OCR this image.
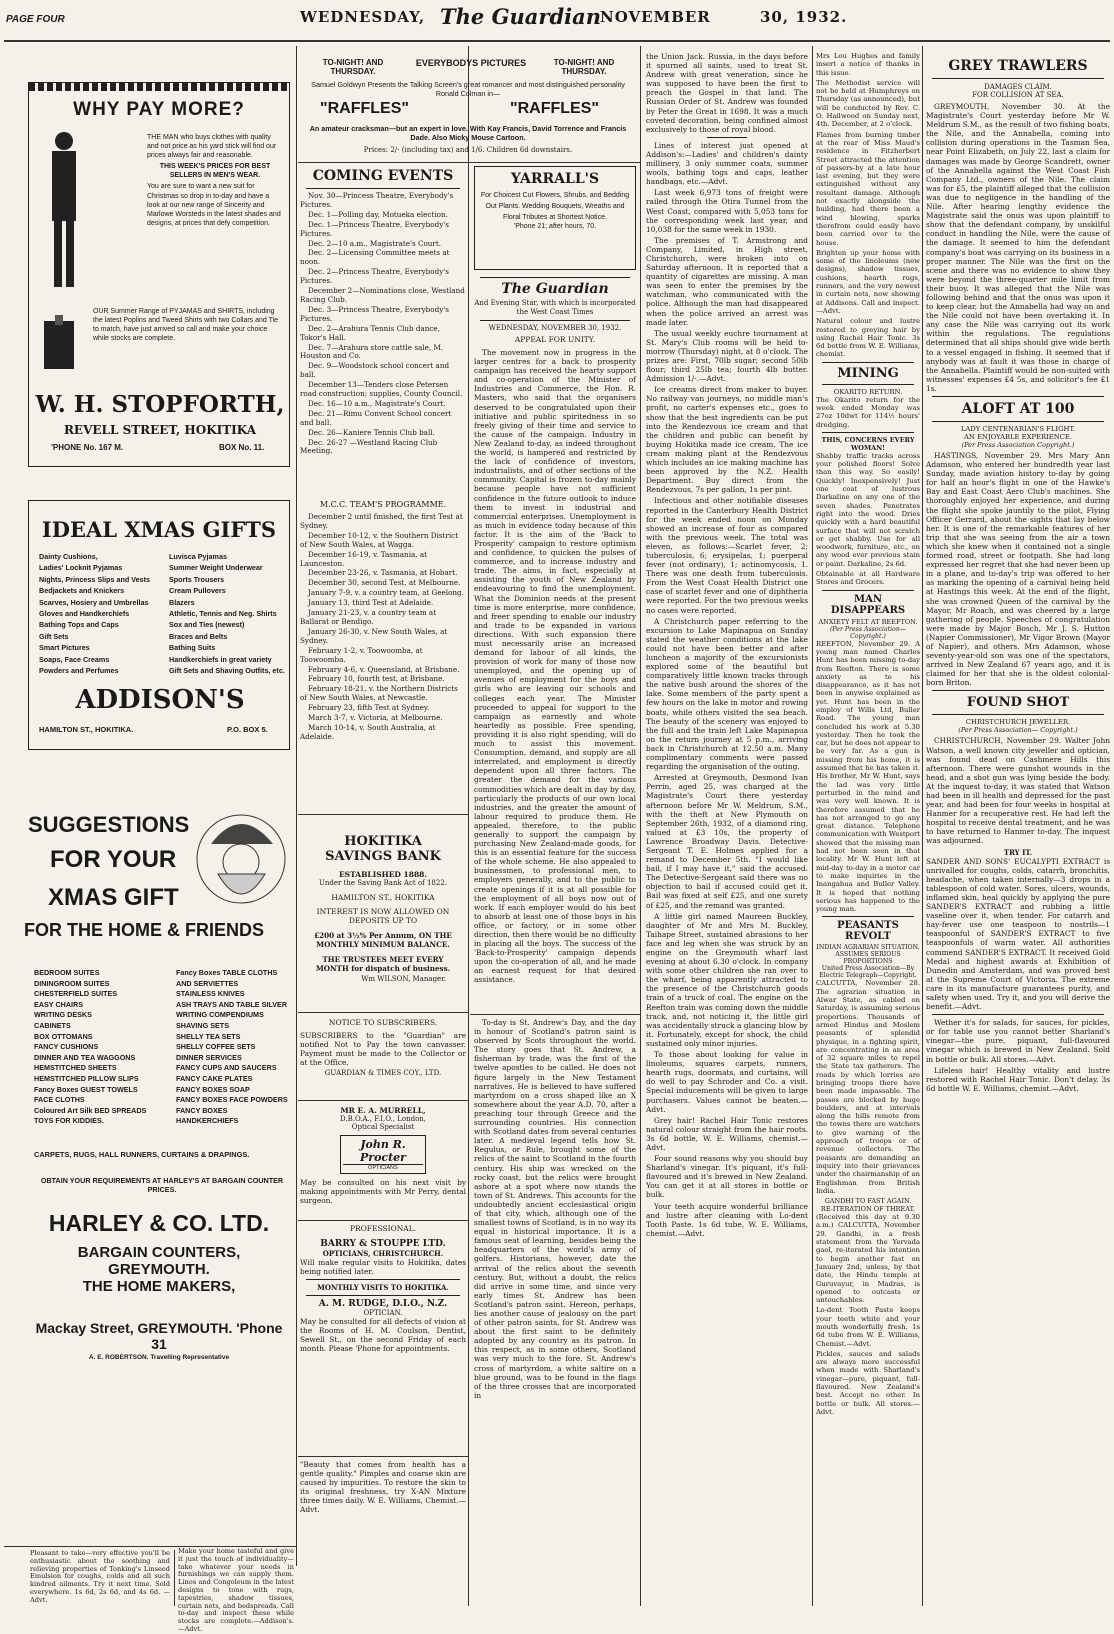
PAGE FOUR	WEDNESDAY, The Guardian NOVEMBER	30, 1932.
WHY PAY MORE?

THE MAN who buys clothes with quality and not price as his yard stick will find our prices always fair and reasonable.

THIS WEEK'S PRICES FOR BEST SELLERS IN MEN'S WEAR.

You are sure to want a new suit for Christmas so drop in to-day and have a look at our new range of Sincerity and Marlowe Worsteds in the latest shades and designs, at prices that defy competition.

OUR Summer Range of PYJAMAS and SHIRTS, including the latest Poplins and Tweed Shirts with two Collars and Tie to match, have just arrived so call and make your choice while stocks are complete.

W. H. STOPFORTH,
REVELL STREET, HOKITIKA
'PHONE No. 167 M.	BOX No. 11.
IDEAL XMAS GIFTS
Dainty Cushions,
Ladies' Locknit Pyjamas
Nights, Princess Slips and Vests
Bedjackets and Knickers
Scarves, Hosiery and Umbrellas
Gloves and Handkerchiefs
Bathing Tops and Caps
Gift Sets
Smart Pictures
Soaps, Face Creams
Powders and Perfumes
Luvisca Pyjamas
Summer Weight Underwear
Sports Trousers
Cream Pullovers
Blazers
Athletic, Tennis and Neg. Shirts
Sox and Ties (newest)
Braces and Belts
Bathing Suits
Handkerchiefs in great variety
Gift Sets and Shaving Outfits, etc.
ADDISON'S
HAMILTON ST., HOKITIKA.	P.O. BOX 5.
SUGGESTIONS
FOR YOUR
XMAS GIFT
FOR THE HOME & FRIENDS
BEDROOM SUITES
DININGROOM SUITES
CHESTERFIELD SUITES
EASY CHAIRS
WRITING DESKS
CABINETS
BOX OTTOMANS
FANCY CUSHIONS
DINNER AND TEA WAGGONS
HEMSTITCHED SHEETS
HEMSTITCHED PILLOW SLIPS
Fancy Boxes GUEST TOWELS
FACE CLOTHS
Coloured Art Silk BED SPREADS
TOYS FOR KIDDIES.
Fancy Boxes TABLE CLOTHS
AND SERVIETTES
STAINLESS KNIVES
ASH TRAYS AND TABLE SILVER
WRITING COMPENDIUMS
SHAVING SETS
SHELLY TEA SETS
SHELLY COFFEE SETS
DINNER SERVICES
FANCY CUPS AND SAUCERS
FANCY CAKE PLATES
FANCY BOXES SOAP
FANCY BOXES FACE POWDERS
FANCY BOXES HANDKERCHIEFS
CARPETS, RUGS, HALL RUNNERS, CURTAINS & DRAPINGS.
OBTAIN YOUR REQUIREMENTS AT HARLEY'S AT BARGAIN COUNTER PRICES.
HARLEY & CO. LTD.
BARGAIN COUNTERS, GREYMOUTH.
THE HOME MAKERS,
Mackay Street, GREYMOUTH. 'Phone 31
A. E. ROBERTSON. Travelling Representative

Pleasant to take—very effective you'll be enthusiastic about the soothing and relieving properties of Tonking's Linseed Emulsion for coughs, colds and all such kindred ailments. Try it next time. Sold everywhere. 1s 6d, 2s 6d, and 4s 6d. —Advt.

Make your home tasteful and give it just the touch of individuality—take whatever your needs in furnishings we can supply them. Linos and Congoleum in the latest designs to tone with rugs, tapestries, shadow tissues, curtain nets, and bedspreads. Call to-day and inspect these while stocks are complete.—Addison's.—Advt.

TO-NIGHT! AND THURSDAY.
EVERYBODYS PICTURES	TO-NIGHT! AND THURSDAY.

Samuel Goldwyn Presents the Talking Screen's great romancer and most distinguished personality Ronald Colman in—

"RAFFLES"	"RAFFLES"

An amateur cracksman—but an expert in love. With Kay Francis, David Torrence and Francis Dade. Also Micky Mouse Cartoon.

Prices: 2/- (including tax) and 1/6. Children 6d downstairs.
COMING EVENTS
Nov. 30—Princess Theatre, Everybody's Pictures.
Dec. 1—Polling day, Motueka election.
Dec. 1—Princess Theatre, Everybody's Pictures.
Dec. 2—10 a.m., Magistrate's Court.
Dec. 2—Licensing Committee meets at noon.
Dec. 2—Princess Theatre, Everybody's Pictures.
December 2—Nominations close, Westland Racing Club.
Dec. 3—Princess Theatre, Everybody's Pictures.
Dec. 2—Arahura Tennis Club dance, Tokor's Hall.
Dec. 7—Arahura store cattle sale, M. Houston and Co.
Dec. 9—Woodstock school concert and ball.
December 13—Tenders close Petersen road construction; supplies, County Council.
Dec. 16—10 a.m., Magistrate's Court.
Dec. 21—Rimu Convent School concert and ball.
Dec. 26—Kaniere Tennis Club ball.
Dec. 26-27 —Westland Racing Club Meeting.
M.C.C. TEAM'S PROGRAMME.
December 2 until finished, the first Test at Sydney.
December 10-12, v. the Southern District of New South Wales, at Wagga.
December 16-19, v. Tasmania, at Launceston.
December 23-26, v. Tasmania, at Hobart.
December 30, second Test, at Melbourne.
January 7-9, v. a country team, at Geelong.
January 13, third Test at Adelaide.
January 21-23, v. a country team at Ballarat or Bendigo.
January 26-30, v. New South Wales, at Sydney.
February 1-2, v. Toowoomba, at Toowoomba.
February 4-6, v. Queensland, at Brisbane.
February 10, fourth test, at Brisbane.
February 18-21, v. the Northern Districts of New South Wales, at Newcastle.
February 23, fifth Test at Sydney.
March 3-7, v. Victoria, at Melbourne.
March 10-14, v. South Australia, at Adelaide.
HOKITIKA SAVINGS BANK
ESTABLISHED 1888.
Under the Saving Bank Act of 1822.
HAMILTON ST., HOKITIKA
INTEREST IS NOW ALLOWED ON DEPOSITS UP TO
£200 at 3½% Per Annum, ON THE MONTHLY MINIMUM BALANCE.
THE TRUSTEES MEET EVERY MONTH for dispatch of business.
Wm WILSON, Manager.
NOTICE TO SUBSCRIBERS.

SUBSCRIBERS to the "Guardian" are notified Not to Pay the town canvasser. Payment must be made to the Collector or at the Office.

GUARDIAN & TIMES COY., LTD.
MR E. A. MURRELL,
D.B.O.A., F.I.O., London,
Optical Specialist
John R. Procter
OPTICIANS

May be consulted on his next visit by making appointments with Mr Perry, dental surgeon.

PROFESSIONAL.
BARRY & STOUPPE LTD.
OPTICIANS, CHRISTCHURCH.

Will make regular visits to Hokitika, dates being notified later.

MONTHLY VISITS TO HOKITIKA.
A. M. RUDGE, D.I.O., N.Z.
OPTICIAN.

May be consulted for all defects of vision at the Rooms of H. M. Coulson, Dentist, Sewell St., on the second Friday of each month. Please 'Phone for appointments.

"Beauty that comes from health has a gentle quality." Pimples and coarse skin are caused by impurities. To restore the skin to its original freshness, try X-AN Mixture three times daily. W. E. Williams, Chemist.—Advt.

YARRALL'S
For Choicest Cut Flowers, Shrubs, and Bedding Out Plants. Wedding Bouquets, Wreaths and Floral Tributes at Shortest Notice.
'Phone 21; after hours, 70.
The Guardian
And Evening Star, with which is incorporated the West Coast Times
WEDNESDAY, NOVEMBER 30, 1932.
APPEAL FOR UNITY.

The movement now in progress in the larger centres for a back to prosperity campaign has received the hearty support and co-operation of the Minister of Industries and Commerce, the Hon. R. Masters, who said that the organisers deserved to be congratulated upon their initiative and public spiritedness in so freely giving of their time and service to the cause of the campaign. Industry in New Zealand to-day, as indeed throughout the world, is hampered and restricted by the lack of confidence of investors, industrialists, and of other sections of the community. Capital is frozen to-day mainly because people have not sufficient confidence in the future outlook to induce them to invest in industrial and commercial enterprises. Unemployment is as much in evidence today because of this factor. It is the aim of the 'Back to Prosperity' campaign to restore optimism and confidence, to quicken the pulses of commerce, and to increase industry and trade. The aims, in fact, especially at assisting the youth of New Zealand by endeavouring to find the unemployment. What the Dominion needs at the present time is more enterprise, more confidence, and freer spending to enable our industry and trade to be expanded in various directions. With such expansion there must necessarily arise an increased demand for labour of all kinds, the provision of work for many of those now unemployed, and the opening up of avenues of employment for the boys and girls who are leaving our schools and colleges each year. The Minister proceeded to appeal for support to the campaign as earnestly and whole heartedly as possible. Free spending, providing it is also right spending, will do much to assist this movement. Consumption, demand, and supply are all interrelated, and employment is directly dependent upon all three factors. The greater the demand for the various commodities which are dealt in day by day, particularly the products of our own local industries, and the greater the amount of labour required to produce them. He appealed, therefore, to the public generally to support the campaign by purchasing New Zealand-made goods, for this is an essential feature for the success of the whole scheme. He also appealed to businessmen, to professional men, to employers generally, and to the public to create openings if it is at all possible for the employment of all boys now out of work. If each employer would do his best to absorb at least one of those boys in his office, or factory, or in some other direction, then there would be no difficulty in placing all the boys. The success of the 'Back-to-Prosperity' campaign depends upon the co-operation of all, and he made an earnest request for that desired assistance.

To-day is St. Andrew's Day, and the day in honour of Scotland's patron saint is observed by Scots throughout the world. The story goes that St. Andrew, a fisherman by trade, was the first of the twelve apostles to be called. He does not figure largely in the New Testament narratives. He is believed to have suffered martyrdom on a cross shaped like an X somewhere about the year A.D. 70, after a preaching tour through Greece and the surrounding countries. His connection with Scotland dates from several centuries later. A medieval legend tells how St. Regulus, or Rule, brought some of the relics of the saint to Scotland in the fourth century. His ship was wrecked on the rocky coast, but the relics were brought ashore at a spot where now stands the town of St. Andrews. This accounts for the undoubtedly ancient ecclesiastical origin of that city, which, although one of the smallest towns of Scotland, is in no way its equal in historical importance. It is a famous seat of learning, besides being the headquarters of the world's army of golfers. Historians, however, date the arrival of the relics about the seventh century. But, without a doubt, the relics did arrive in some time, and since very early times St. Andrew has been Scotland's patron saint. Hereon, perhaps, lies another cause of jealousy on the part of other patron saints, for St. Andrew was about the first saint to be definitely adopted by any country as its patron. In this respect, as in some others, Scotland was very much to the fore. St. Andrew's cross of martyrdom, a white saltire on a blue ground, was to be found in the flags of the three crosses that are incorporated in

the Union Jack. Russia, in the days before it spurned all saints, used to treat St. Andrew with great veneration, since he was supposed to have been the first to preach the Gospel in that land. The Russian Order of St. Andrew was founded by Peter the Great in 1698. It was a much coveted decoration, being confined almost exclusively to those of royal blood.

Lines of interest just opened at Addison's:—Ladies' and children's dainty millinery, 3 only summer coats, summer wools, bathing togs and caps, leather handbags, etc.—Advt.

Last week 6,973 tons of freight were railed through the Otira Tunnel from the West Coast, compared with 5,053 tons for the corresponding week last year, and 10,038 for the same week in 1930.

The premises of T. Armstrong and Company, Limited, in High street, Christchurch, were broken into on Saturday afternoon. It is reported that a quantity of cigarettes are missing. A man was seen to enter the premises by the watchman, who communicated with the police. Although the man had disappeared when the police arrived an arrest was made later.

The usual weekly euchre tournament at St. Mary's Club rooms will be held to-morrow (Thursday) night, at 8 o'clock. The prizes are: First, 70lb sugar; second 50lb flour; third 25lb tea; fourth 4lb butter. Admission 1/-.—Advt.

Ice creams direct from maker to buyer. No railway van journeys, no middle man's profit, no carter's expenses etc., goes to show that the best ingredients can be put into the Rendezvous ice cream and that the children and public can benefit by buying Hokitika made ice cream. The ice cream making plant at the Rendezvous which includes an ice making machine has been approved by the N.Z. Health Department. Buy direct from the Rendezvous, 7s per gallon, 1s per pint.

Infectious and other notifiable diseases reported in the Canterbury Health District for the week ended noon on Monday showed an increase of four as compared with the previous week. The total was eleven, as follows:—Scarlet fever, 2; tuberculosis, 6; erysipelas, 1; puerperal fever (not ordinary), 1; actinomycosis, 1. There was one death from tuberculosis. From the West Coast Health District one case of scarlet fever and one of diphtheria were reported. For the two previous weeks no cases were reported.

A Christchurch paper referring to the excursion to Lake Mapinapua on Sunday stated the weather conditions at the lake could not have been better and after luncheon a majority of the excursionists explored some of the beautiful but comparatively little known tracks through the native bush around the shores of the lake. Some members of the party spent a few hours on the lake in motor and rowing boats, while others visited the sea beach. The beauty of the scenery was enjoyed to the full and the train left Lake Mapinapua on the return journey at 5 p.m., arriving back in Christchurch at 12.50 a.m. Many complimentary comments were passed regarding the organisation of the outing.

Arrested at Greymouth, Desmond Ivan Perrin, aged 25, was charged at the Magistrate's Court there yesterday afternoon before Mr W. Meldrum, S.M., with the theft at New Plymouth on September 26th, 1932, of a diamond ring, valued at £3 10s, the property of Lawrence Broadway Davis. Detective-Sergeant T. E. Holmes applied for a remand to December 5th. "I would like bail, if I may have it," said the accused. The Detective-Sergeant said there was no objection to bail if accused could get it. Bail was fixed at self £25, and one surety of £25, and the remand was granted.

A little girl named Maureen Buckley, daughter of Mr and Mrs M. Buckley, Taihape Street, sustained abrasions to her face and leg when she was struck by an engine on the Greymouth wharf last evening at about 6.30 o'clock. In company with some other children she ran over to the wharf, being apparently attracted to the presence of the Christchurch goods train of a truck of coal. The engine on the Reefton train was coming down the middle track, and, not noticing it, the little girl was accidentally struck a glancing blow by it. Fortunately, except for shock, the child sustained only minor injuries.

To those about looking for value in linoleums, squares carpets, runners, hearth rugs, doormats, and curtains, will do well to pay Schroder and Co. a visit. Special inducements will be given to large purchasers. Values cannot be beaten.—Advt.

Grey hair! Rachel Hair Tonic restores natural colour straight from the hair roots. 3s 6d bottle, W. E. Williams, chemist.—Advt.

Four sound reasons why you should buy Sharland's vinegar. It's piquant, it's full-flavoured and it's brewed in New Zealand. You can get it at all stores in bottle or bulk.

Your teeth acquire wonderful brilliance and lustre after cleaning with Lo-dent Tooth Paste. 1s 6d tube, W. E. Williams, chemist.—Advt.

Mrs Lou Hughes and family insert a notice of thanks in this issue.

The Methodist service will not be held at Humphreys on Thursday (as announced), but will be conducted by Rev. C. O. Hailwood on Sunday next, 4th. December, at 2 o'clock.

Flames from burning timber at the rear of Miss Maud's residence in Fitzherbert Street attracted the attention of passers-by at a late hour last evening, but they were extinguished without any resultant damage. Although not exactly alongside the building, had there been a wind blowing, sparks therefrom could easily have been carried over to the house.

Brighten up your home with some of the linoleums (new designs), shadow tissues, cushions, hearth rugs, runners, and the very newest in curtain nets, now showing at Addisons. Call and inspect.—Advt.

Natural colour and lustre restored to greying hair by using Rachel Hair Tonic. 3s 6d bottle from W. E. Williams, chemist.

MINING
OKARITO RETURN.

The Okarito return for the week ended Monday was 27oz 10dwt for 114½ hours' dredging.

THIS, CONCERNS EVERY WOMAN!

Shabby traffic tracks across your polished floors! Solve than this way. So easily! Quickly! Inexpensively! Just one coat of lustrous Darkaline on any one of the seven shades. Penetrates right into the wood. Dries quickly with a hard beautiful surface that will not scratch or get shabby. Use for all woodwork, furniture, etc., on any wood ever previous stain or paint. Darkaline, 2s 6d.

Obtainable at all Hardware Stores and Grocers.

MAN DISAPPEARS
ANXIETY FELT AT REEFTON.
(Per Press Association—Copyright.)

REEFTON, November 29. A young man named Charles Hunt has been missing to-day from Reefton. There is some anxiety as to his disappearance, as it has not been in anywise explained as yet. Hunt has been in the employ of Wills Ltd, Buller Road. The young man concluded his work at 5.30 yesterday. Then he took the car, but he does not appear to be very far. As a gun is missing from his home, it is assumed that he has taken it. His brother, Mr W. Hunt, says the lad was very little perturbed in the mind and was very well known. It is therefore assumed that he has not arranged to go any great distance. Telephone communication with Westport showed that the missing man had not been seen in that locality. Mr W. Hunt left at mid-day to-day in a motor car to make inquiries in the Inangahua and Buller Valley. It is hoped that nothing serious has happened to the young man.

PEASANTS REVOLT
INDIAN AGRARIAN SITUATION.
ASSUMES SERIOUS PROPORTIONS
United Press Association—By Electric Telegraph—Copyright.

CALCUTTA, November 28. The agrarian situation in Alwar State, as cabled on Saturday, is assuming serious proportions. Thousands of armed Hindus and Moslem peasants of splendid physique, in a fighting spirit, are concentrating in an area of 32 square miles to repel the State tax gatherers. The roads by which lorries are bringing troops there have been made impassable. The passes are blocked by huge boulders, and at intervals along the hills remote from the towns there are watchers to give warning of the approach of troops or of revenue collectors. The peasants are demanding an inquiry into their grievances under the chairmanship of an Englishman from British India.

GANDHI TO FAST AGAIN.
RE-ITERATION OF THREAT.

(Received this day at 9.30 a.m.) CALCUTTA, November 29. Gandhi, in a fresh statement from the Yervada gaol, re-iterated his intention to begin another fast on January 2nd, unless, by that date, the Hindu temple at Guruvayur, in Madras, is opened to outcasts or untouchables.

Lo-dent Tooth Paste keeps your teeth white and your mouth wonderfully fresh. 1s 6d tube from W. E. Williams, Chemist.—Advt.

Pickles, sauces and salads are always more successful when made with Sharland's vinegar—pure, piquant, full-flavoured. New Zealand's best. Accept no other. In bottle or bulk. All stores.—Advt.

GREY TRAWLERS
DAMAGES CLAIM.
FOR COLLISION AT SEA.

GREYMOUTH, November 30. At the Magistrate's Court yesterday before Mr W. Meldrum S.M., as the result of two fishing boats, the Nile, and the Annabella, coming into collision during operations in the Tasman Sea, near Point Elizabeth, on July 22, last a claim for damages was made by George Scandrett, owner of the Annabella against the West Coast Fish Company Ltd., owners of the Nile. The claim was for £5, the plaintiff alleged that the collision was due to negligence in the handling of the Nile. After hearing lengthy evidence the Magistrate said the onus was upon plaintiff to show that the defendant company, by unskilful conduct in handling the Nile, were the cause of the damage. It seemed to him the defendant company's boat was carrying on its business in a proper manner. The Nile was the first on the scene and there was no evidence to show they were beyond the three-quarter mile limit from their buoy. It was alleged that the Nile was following behind and that the onus was upon it to keep clear, but the Annabella had way on and the Nile could not have been overtaking it. In any case the Nile was carrying out its work within the regulations. The regulations determined that all ships should give wide berth to a vessel engaged in fishing. It seemed that if anybody was at fault it was those in charge of the Annabella. Plaintiff would be non-suited with witnesses' expenses £4 5s, and solicitor's fee £1 1s.

ALOFT AT 100
LADY CENTENARIAN'S FLIGHT.
AN ENJOYABLE EXPERIENCE.
(Per Press Association Copyright.)

HASTINGS, November 29. Mrs Mary Ann Adamson, who entered her hundredth year last Sunday, made aviation history to-day by going for half an hour's flight in one of the Hawke's Bay and East Coast Aero Club's machines. She thoroughly enjoyed her experience, and during the flight she spoke jauntily to the pilot, Flying Officer Gerrard, about the sights that lay below her. It is one of the remarkable features of her trip that she was seeing from the air a town which she knew when it contained not a single formed road, street or footpath. She had long expressed her regret that she had never been up in a plane, and to-day's trip was offered to her as marking the opening of a carnival being held at Hastings this week. At the end of the flight, she was crowned Queen of the carnival by the Mayor, Mr Roach, and was cheered by a large gathering of people. Speeches of congratulation were made by Major Bosch, Mr J. S. Hutton (Napier Commissioner), Mr Vigor Brown (Mayor of Napier), and others. Mrs Adamson, whose seventy-year-old son was one of the spectators, arrived in New Zealand 67 years ago, and it is claimed for her that she is the oldest colonial-born Briton.

FOUND SHOT
CHRISTCHURCH JEWELLER.
(Per Press Association— Copyright.)

CHRISTCHURCH, November 29. Walter John Watson, a well known city jeweller and optician, was found dead on Cashmere Hills this afternoon. There were gunshot wounds in the head, and a shot gun was lying beside the body. At the inquest to-day, it was stated that Watson had been in ill health and depressed for the past year, and had been for four weeks in hospital at Hanmer for a recuperative rest. He had left the hospital to receive dental treatment, and he was to have returned to Hanmer to-day. The inquest was adjourned.

TRY IT.

SANDER AND SONS' EUCALYPTI EXTRACT is unrivalled for coughs, colds, catarrh, bronchitis, headache, when taken internally—3 drops in a tablespoon of cold water. Sores, ulcers, wounds, inflamed skin, heal quickly by applying the pure SANDER'S EXTRACT and rubbing a little vaseline over it, when tender. For catarrh and hay-fever use one teaspoon to nostrils—1 teaspoonful of SANDER'S EXTRACT to five teaspoonfuls of warm water. All authorities commend SANDER'S EXTRACT. It received Gold Medal and highest awards at Exhibition of Dunedin and Amsterdam, and was proved best at the Supreme Court of Victoria. The extreme care in its manufacture guarantees purity, and safety when used. Try it, and you will derive the benefit.—Advt.

Wether it's for salads, for sauces, for pickles, or for table use you cannot better Sharland's vinegar—the pure, piquant, full-flavoured vinegar which is brewed in New Zealand. Sold in bottle or bulk. All stores.—Advt.

Lifeless hair! Healthy vitality and lustre restored with Rachel Hair Tonic. Don't delay. 3s 6d bottle W. E. Williams, chemist.—Advt.
